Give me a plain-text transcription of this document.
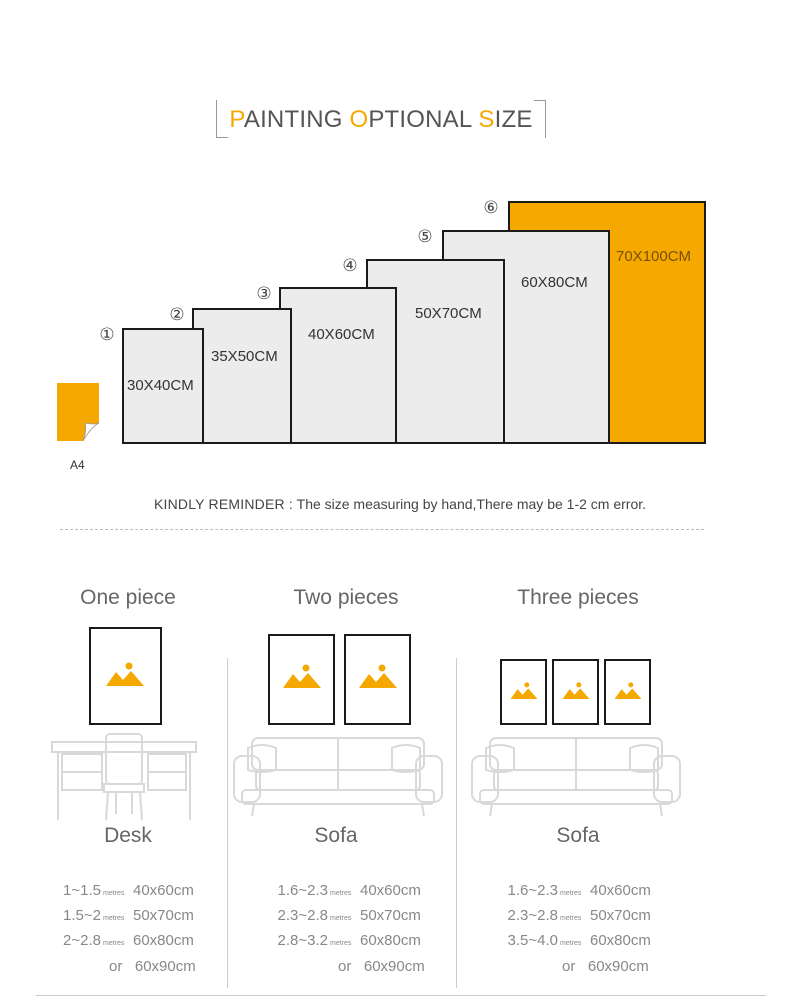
PAINTING OPTIONAL SIZE
30X40CM
35X50CM
40X60CM
50X70CM
60X80CM
70X100CM
①
②
③
④
⑤
⑥
A4
KINDLY REMINDER : The size measuring by hand,There may be 1-2 cm error.
One piece	Two pieces	Three pieces
Desk	Sofa	Sofa
1~1.5 metres 40x60cm
1.5~2 metres 50x70cm
2~2.8 metres 60x80cm
or 60x90cm
1.6~2.3 metres 40x60cm
2.3~2.8 metres 50x70cm
2.8~3.2 metres 60x80cm
or 60x90cm
1.6~2.3 metres 40x60cm
2.3~2.8 metres 50x70cm
3.5~4.0 metres 60x80cm
or 60x90cm
